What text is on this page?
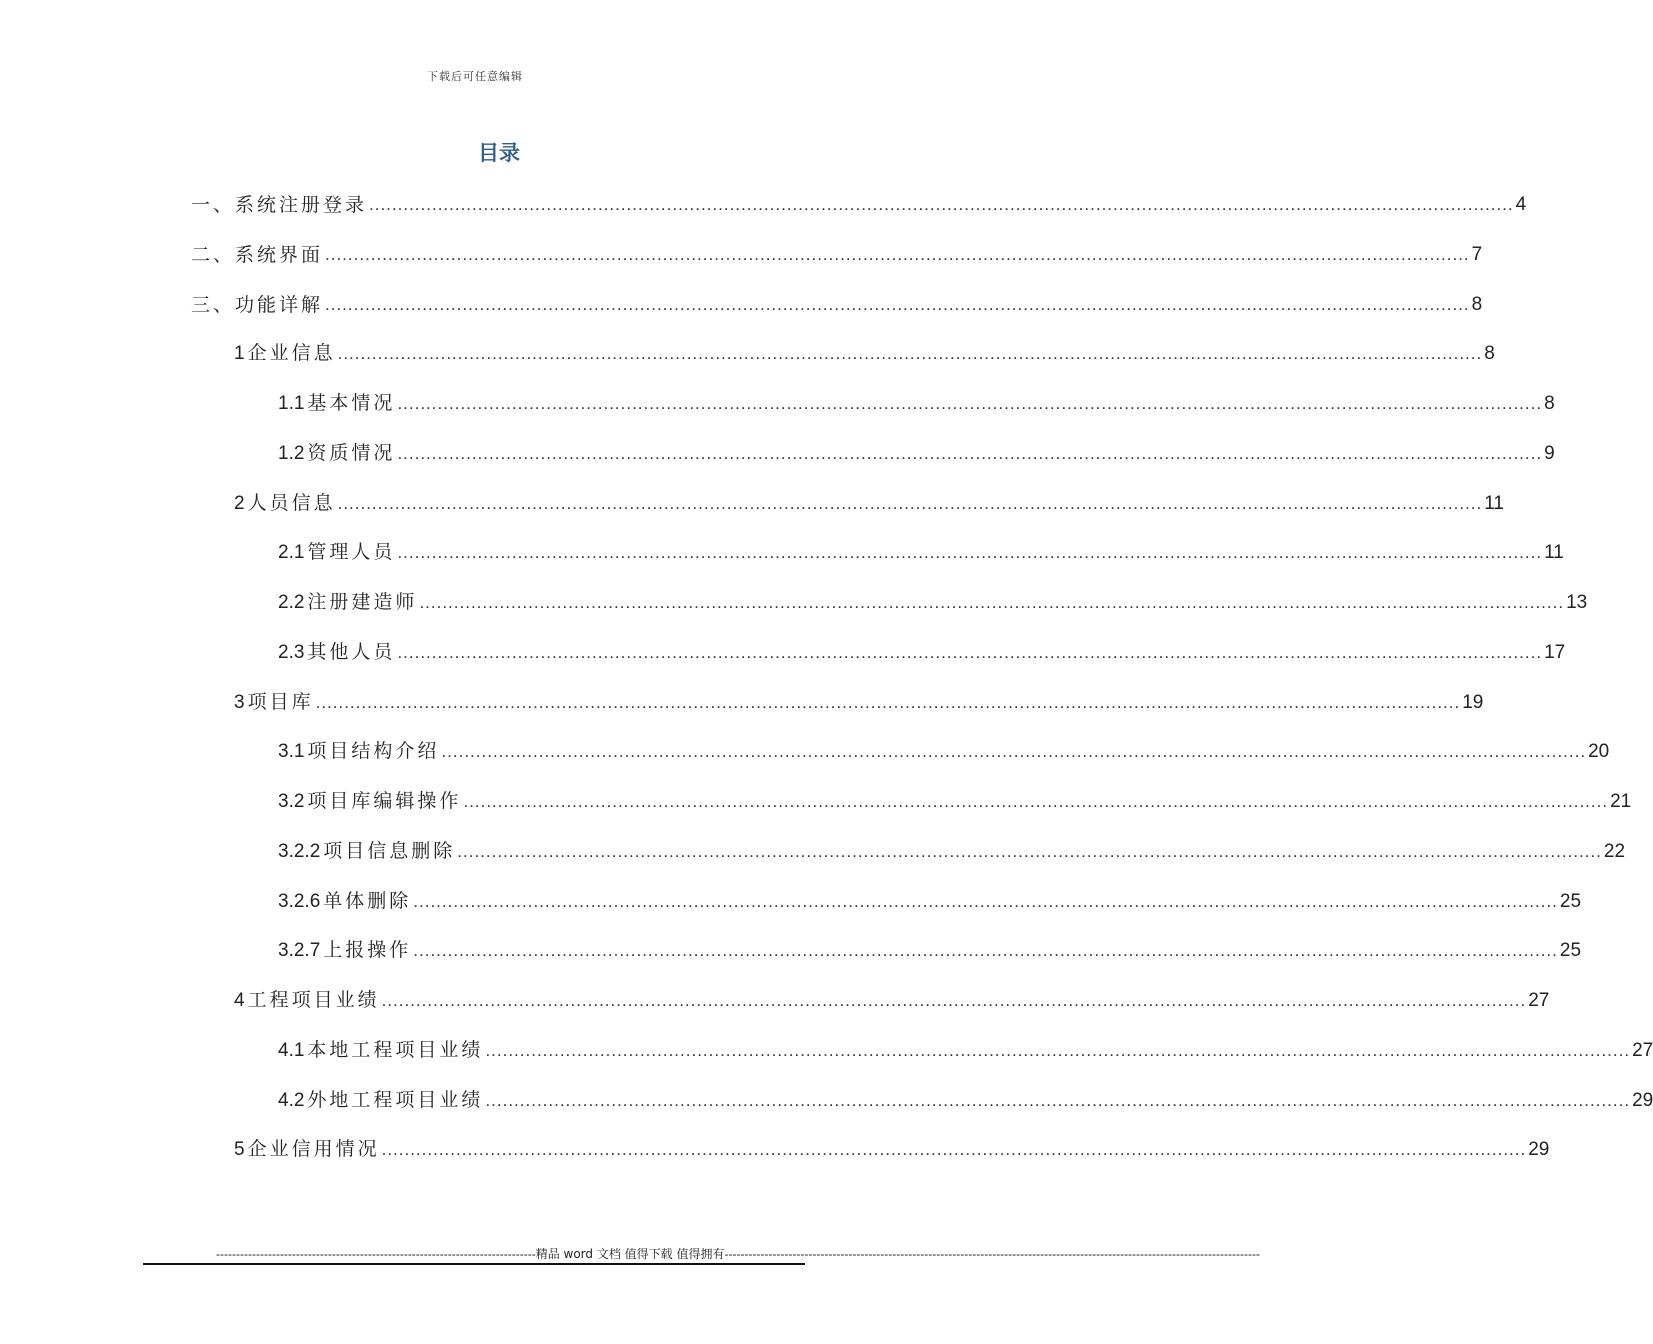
下载后可任意编辑
目录
一、系统注册登录 ........................................................................................................................................................................................................ 4
二、系统界面 ........................................................................................................................................................................................................ 7
三、功能详解 ........................................................................................................................................................................................................ 8
1 企业信息 ........................................................................................................................................................................................................ 8
1.1 基本情况 ........................................................................................................................................................................................................ 8
1.2 资质情况 ........................................................................................................................................................................................................ 9
2 人员信息 ........................................................................................................................................................................................................ 11
2.1 管理人员 ........................................................................................................................................................................................................ 11
2.2 注册建造师 ........................................................................................................................................................................................................ 13
2.3 其他人员 ........................................................................................................................................................................................................ 17
3 项目库 ........................................................................................................................................................................................................ 19
3.1 项目结构介绍 ........................................................................................................................................................................................................ 20
3.2 项目库编辑操作 ........................................................................................................................................................................................................ 21
3.2.2 项目信息删除 ........................................................................................................................................................................................................ 22
3.2.6 单体删除 ........................................................................................................................................................................................................ 25
3.2.7 上报操作 ........................................................................................................................................................................................................ 25
4 工程项目业绩 ........................................................................................................................................................................................................ 27
4.1 本地工程项目业绩 ........................................................................................................................................................................................................ 27
4.2 外地工程项目业绩 ........................................................................................................................................................................................................ 29
5 企业信用情况 ........................................................................................................................................................................................................ 29
-------------------------------------------------------------------------------- 精品 word 文档 值得下载 值得拥有 --------------------------------------------------------------------------------------------------------------------------------------
